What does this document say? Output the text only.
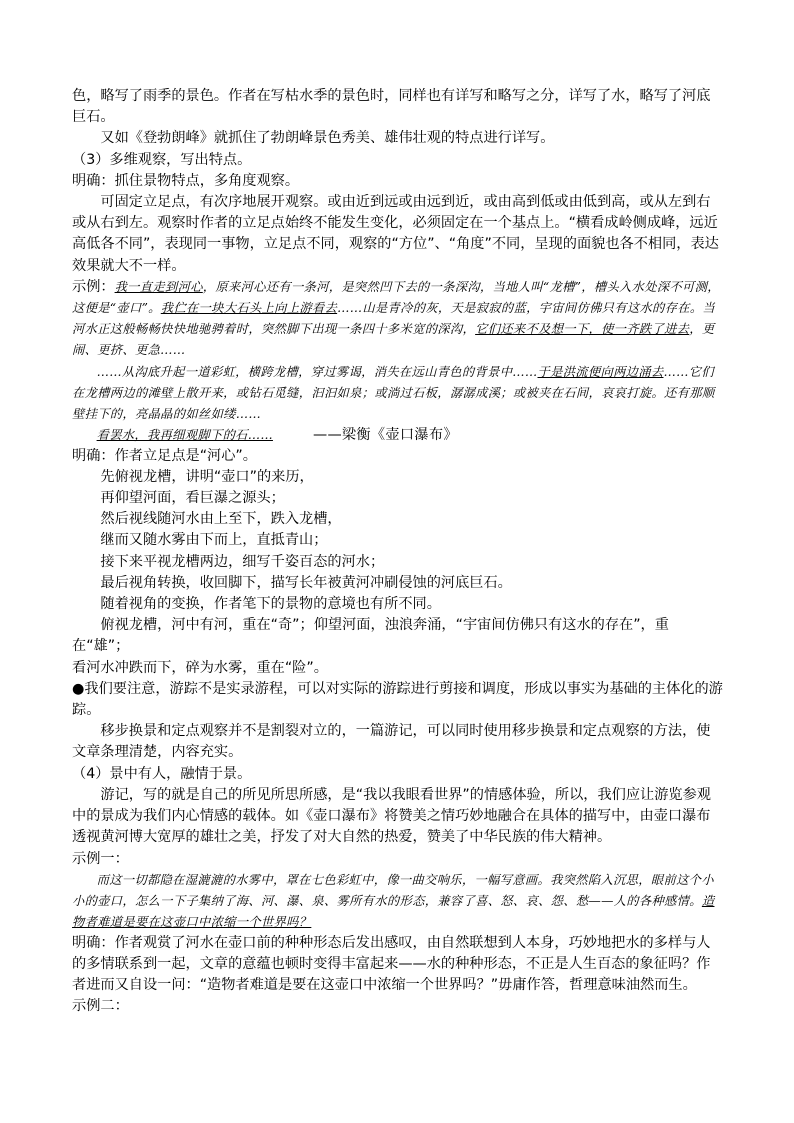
色，略写了雨季的景色。作者在写枯水季的景色时，同样也有详写和略写之分，详写了水，略写了河底巨石。

又如《登勃朗峰》就抓住了勃朗峰景色秀美、雄伟壮观的特点进行详写。

（3）多维观察，写出特点。

明确：抓住景物特点，多角度观察。

可固定立足点，有次序地展开观察。或由近到远或由远到近，或由高到低或由低到高，或从左到右或从右到左。观察时作者的立足点始终不能发生变化，必须固定在一个基点上。“横看成岭侧成峰，远近高低各不同”，表现同一事物，立足点不同，观察的“方位”、“角度”不同，呈现的面貌也各不相同，表达效果就大不一样。

示例：

我一直走到河心，原来河心还有一条河，是突然凹下去的一条深沟，当地人叫“龙槽”，槽头入水处深不可测，这便是“壶口”。我伫在一块大石头上向上游看去……山是青冷的灰，天是寂寂的蓝，宇宙间仿佛只有这水的存在。当河水正这般畅畅快快地驰骋着时，突然脚下出现一条四十多米宽的深沟，它们还来不及想一下，使一齐跌了进去，更闹、更挤、更急……

……从沟底升起一道彩虹，横跨龙槽，穿过雾谒，消失在远山青色的背景中……于是洪流便向两边涌去……它们在龙槽两边的滩壁上散开来，或钻石觅缝，汩汩如泉；或淌过石板，潺潺成溪；或被夹在石间，哀哀打旋。还有那顺壁挂下的，亮晶晶的如丝如缕……

看罢水，我再细观脚下的石……	——梁衡《壶口瀑布》

明确：作者立足点是“河心”。

先俯视龙槽，讲明“壶口”的来历，

再仰望河面，看巨瀑之源头；

然后视线随河水由上至下，跌入龙槽，

继而又随水雾由下而上，直抵青山；

接下来平视龙槽两边，细写千姿百态的河水；

最后视角转换，收回脚下，描写长年被黄河冲刷侵蚀的河底巨石。

随着视角的变换，作者笔下的景物的意境也有所不同。

俯视龙槽，河中有河，重在“奇”；仰望河面，浊浪奔涌，“宇宙间仿佛只有这水的存在”，重在“雄”；

看河水冲跌而下，碎为水雾，重在“险”。

●我们要注意，游踪不是实录游程，可以对实际的游踪进行剪接和调度，形成以事实为基础的主体化的游踪。

移步换景和定点观察并不是割裂对立的，一篇游记，可以同时使用移步换景和定点观察的方法，使文章条理清楚，内容充实。

（4）景中有人，融情于景。

游记，写的就是自己的所见所思所感，是“我以我眼看世界”的情感体验，所以，我们应让游览参观中的景成为我们内心情感的载体。如《壶口瀑布》将赞美之情巧妙地融合在具体的描写中，由壶口瀑布透视黄河博大宽厚的雄壮之美，抒发了对大自然的热爱，赞美了中华民族的伟大精神。

示例一：

而这一切都隐在湿漉漉的水雾中，罩在七色彩虹中，像一曲交响乐，一幅写意画。我突然陷入沉思，眼前这个小小的壶口，怎么一下子集纳了海、河、瀑、泉、雾所有水的形态，兼容了喜、怒、哀、怨、愁——人的各种感情。造物者难道是要在这壶口中浓缩一个世界吗？

明确：作者观赏了河水在壶口前的种种形态后发出感叹，由自然联想到人本身，巧妙地把水的多样与人的多情联系到一起，文章的意蕴也顿时变得丰富起来——水的种种形态，不正是人生百态的象征吗？作者进而又自设一问：“造物者难道是要在这壶口中浓缩一个世界吗？”毋庸作答，哲理意味油然而生。

示例二：
